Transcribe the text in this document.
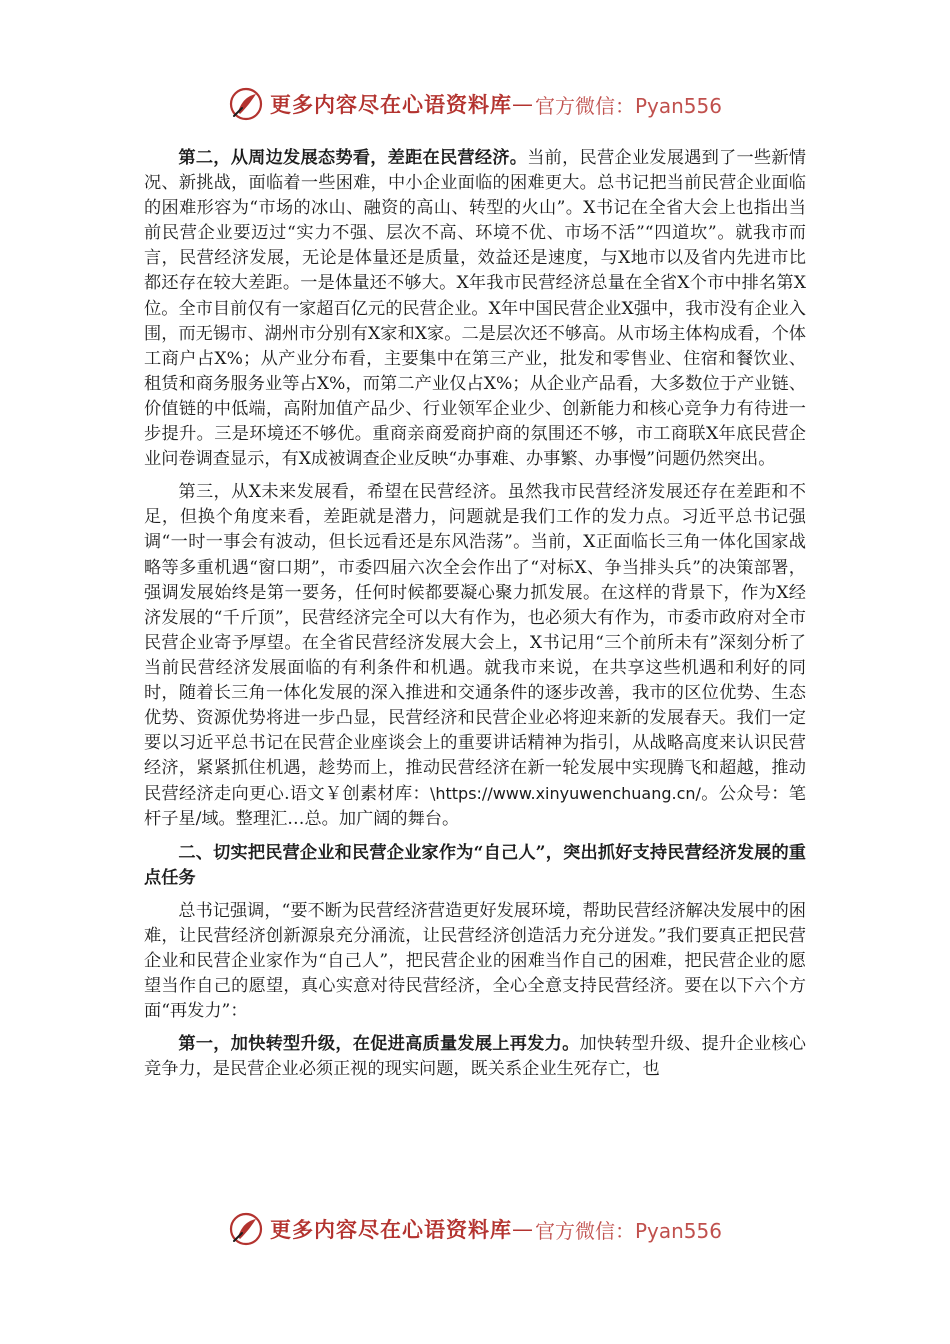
更多内容尽在心语资料库 — 官方微信：Pyan556

第二，从周边发展态势看，差距在民营经济。当前，民营企业发展遇到了一些新情况、新挑战，面临着一些困难，中小企业面临的困难更大。总书记把当前民营企业面临的困难形容为“市场的冰山、融资的高山、转型的火山”。X书记在全省大会上也指出当前民营企业要迈过“实力不强、层次不高、环境不优、市场不活”“四道坎”。就我市而言，民营经济发展，无论是体量还是质量，效益还是速度，与X地市以及省内先进市比都还存在较大差距。一是体量还不够大。X年我市民营经济总量在全省X个市中排名第X位。全市目前仅有一家超百亿元的民营企业。X年中国民营企业X强中，我市没有企业入围，而无锡市、湖州市分别有X家和X家。二是层次还不够高。从市场主体构成看，个体工商户占X%；从产业分布看，主要集中在第三产业，批发和零售业、住宿和餐饮业、租赁和商务服务业等占X%，而第二产业仅占X%；从企业产品看，大多数位于产业链、价值链的中低端，高附加值产品少、行业领军企业少、创新能力和核心竞争力有待进一步提升。三是环境还不够优。重商亲商爱商护商的氛围还不够，市工商联X年底民营企业问卷调查显示，有X成被调查企业反映“办事难、办事繁、办事慢”问题仍然突出。

第三，从X未来发展看，希望在民营经济。虽然我市民营经济发展还存在差距和不足，但换个角度来看，差距就是潜力，问题就是我们工作的发力点。习近平总书记强调“一时一事会有波动，但长远看还是东风浩荡”。当前，X正面临长三角一体化国家战略等多重机遇“窗口期”，市委四届六次全会作出了“对标X、争当排头兵”的决策部署，强调发展始终是第一要务，任何时候都要凝心聚力抓发展。在这样的背景下，作为X经济发展的“千斤顶”，民营经济完全可以大有作为，也必须大有作为，市委市政府对全市民营企业寄予厚望。在全省民营经济发展大会上，X书记用“三个前所未有”深刻分析了当前民营经济发展面临的有利条件和机遇。就我市来说，在共享这些机遇和利好的同时，随着长三角一体化发展的深入推进和交通条件的逐步改善，我市的区位优势、生态优势、资源优势将进一步凸显，民营经济和民营企业必将迎来新的发展春天。我们一定要以习近平总书记在民营企业座谈会上的重要讲话精神为指引，从战略高度来认识民营经济，紧紧抓住机遇，趁势而上，推动民营经济在新一轮发展中实现腾飞和超越，推动民营经济走向更心.语文￥创素材库：\https://www.xinyuwenchuang.cn/。公众号：笔杆子星/域。整理汇…总。加广阔的舞台。

二、切实把民营企业和民营企业家作为“自己人”，突出抓好支持民营经济发展的重点任务

总书记强调，“要不断为民营经济营造更好发展环境，帮助民营经济解决发展中的困难，让民营经济创新源泉充分涌流，让民营经济创造活力充分迸发。”我们要真正把民营企业和民营企业家作为“自己人”，把民营企业的困难当作自己的困难，把民营企业的愿望当作自己的愿望，真心实意对待民营经济，全心全意支持民营经济。要在以下六个方面“再发力”：

第一，加快转型升级，在促进高质量发展上再发力。加快转型升级、提升企业核心竞争力，是民营企业必须正视的现实问题，既关系企业生死存亡，也

更多内容尽在心语资料库 — 官方微信：Pyan556
